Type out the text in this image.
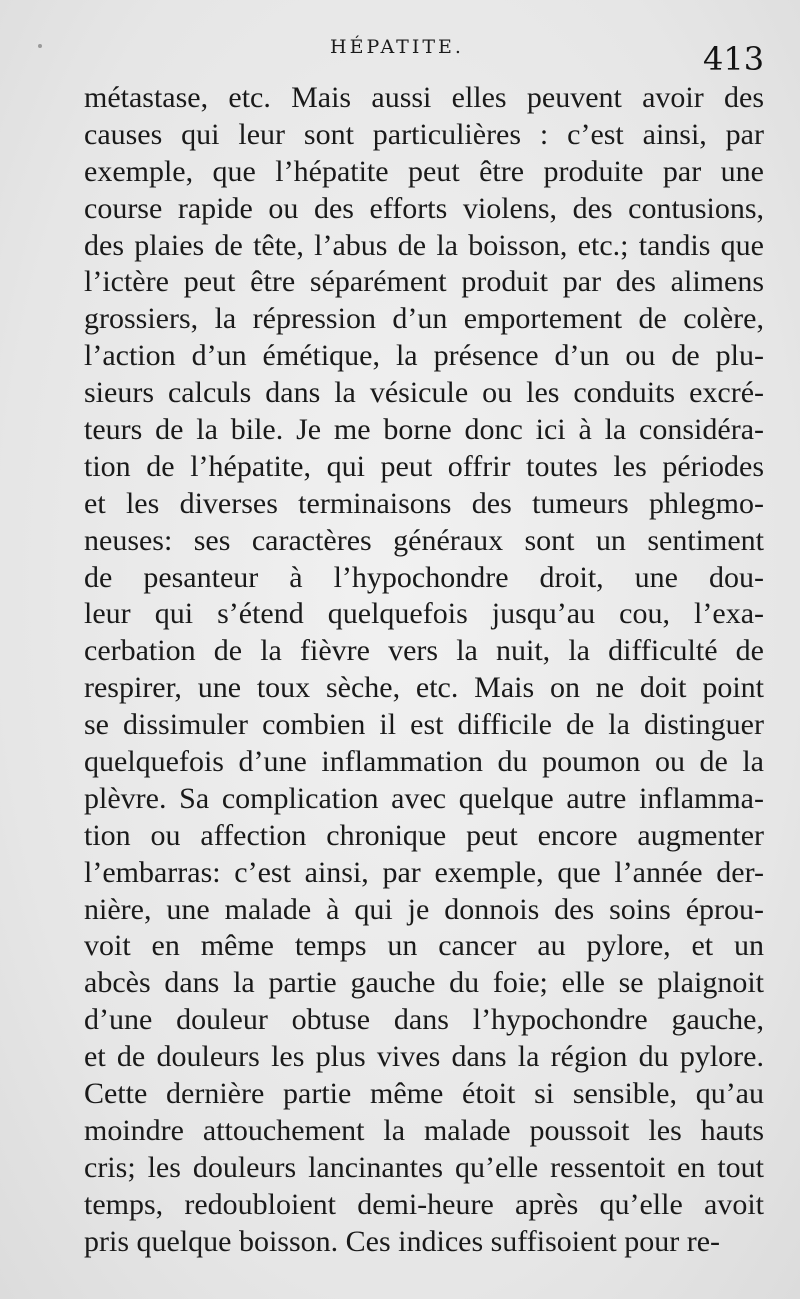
HÉPATITE.	413
métastase, etc. Mais aussi elles peuvent avoir des
causes qui leur sont particulières : c’est ainsi, par
exemple, que l’hépatite peut être produite par une
course rapide ou des efforts violens, des contusions,
des plaies de tête, l’abus de la boisson, etc.; tandis que
l’ictère peut être séparément produit par des alimens
grossiers, la répression d’un emportement de colère,
l’action d’un émétique, la présence d’un ou de plu-
sieurs calculs dans la vésicule ou les conduits excré-
teurs de la bile. Je me borne donc ici à la considéra-
tion de l’hépatite, qui peut offrir toutes les périodes
et les diverses terminaisons des tumeurs phlegmo-
neuses: ses caractères généraux sont un sentiment
de pesanteur à l’hypochondre droit, une dou-
leur qui s’étend quelquefois jusqu’au cou, l’exa-
cerbation de la fièvre vers la nuit, la difficulté de
respirer, une toux sèche, etc. Mais on ne doit point
se dissimuler combien il est difficile de la distinguer
quelquefois d’une inflammation du poumon ou de la
plèvre. Sa complication avec quelque autre inflamma-
tion ou affection chronique peut encore augmenter
l’embarras: c’est ainsi, par exemple, que l’année der-
nière, une malade à qui je donnois des soins éprou-
voit en même temps un cancer au pylore, et un
abcès dans la partie gauche du foie; elle se plaignoit
d’une douleur obtuse dans l’hypochondre gauche,
et de douleurs les plus vives dans la région du pylore.
Cette dernière partie même étoit si sensible, qu’au
moindre attouchement la malade poussoit les hauts
cris; les douleurs lancinantes qu’elle ressentoit en tout
temps, redoubloient demi-heure après qu’elle avoit
pris quelque boisson. Ces indices suffisoient pour re-
